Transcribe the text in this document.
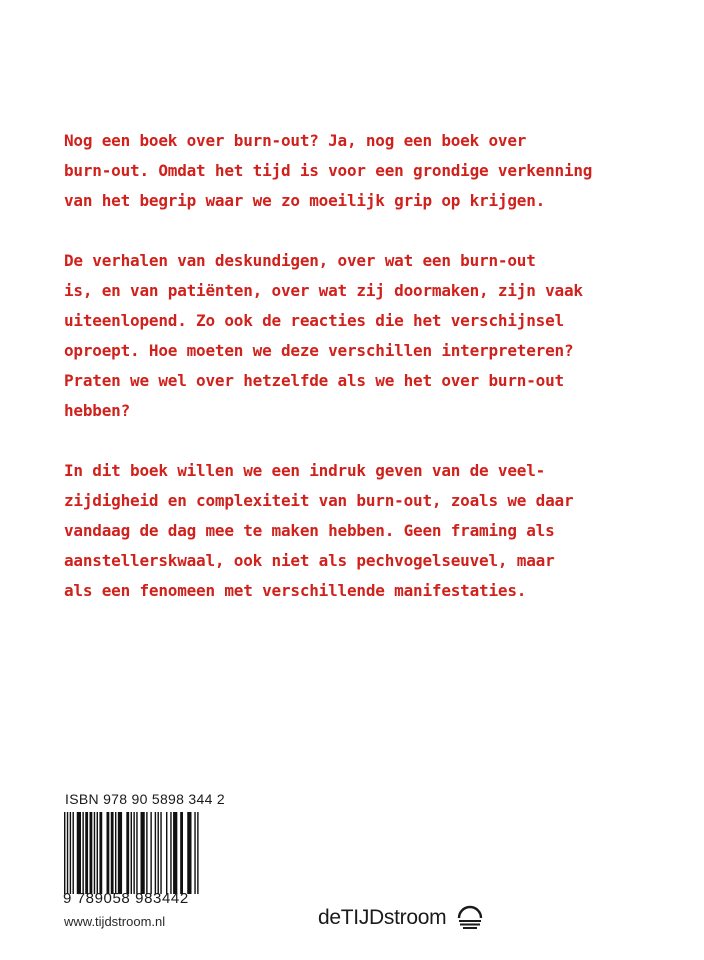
Nog een boek over burn-out? Ja, nog een boek over
burn-out. Omdat het tijd is voor een grondige verkenning
van het begrip waar we zo moeilijk grip op krijgen.

De verhalen van deskundigen, over wat een burn-out
is, en van patiënten, over wat zij doormaken, zijn vaak
uiteenlopend. Zo ook de reacties die het verschijnsel
oproept. Hoe moeten we deze verschillen interpreteren?
Praten we wel over hetzelfde als we het over burn-out
hebben?

In dit boek willen we een indruk geven van de veel-
zijdigheid en complexiteit van burn-out, zoals we daar
vandaag de dag mee te maken hebben. Geen framing als
aanstellerskwaal, ook niet als pechvogelseuvel, maar
als een fenomeen met verschillende manifestaties.

ISBN 978 90 5898 344 2
9 789058 983442
www.tijdstroom.nl	deTIJDstroom
